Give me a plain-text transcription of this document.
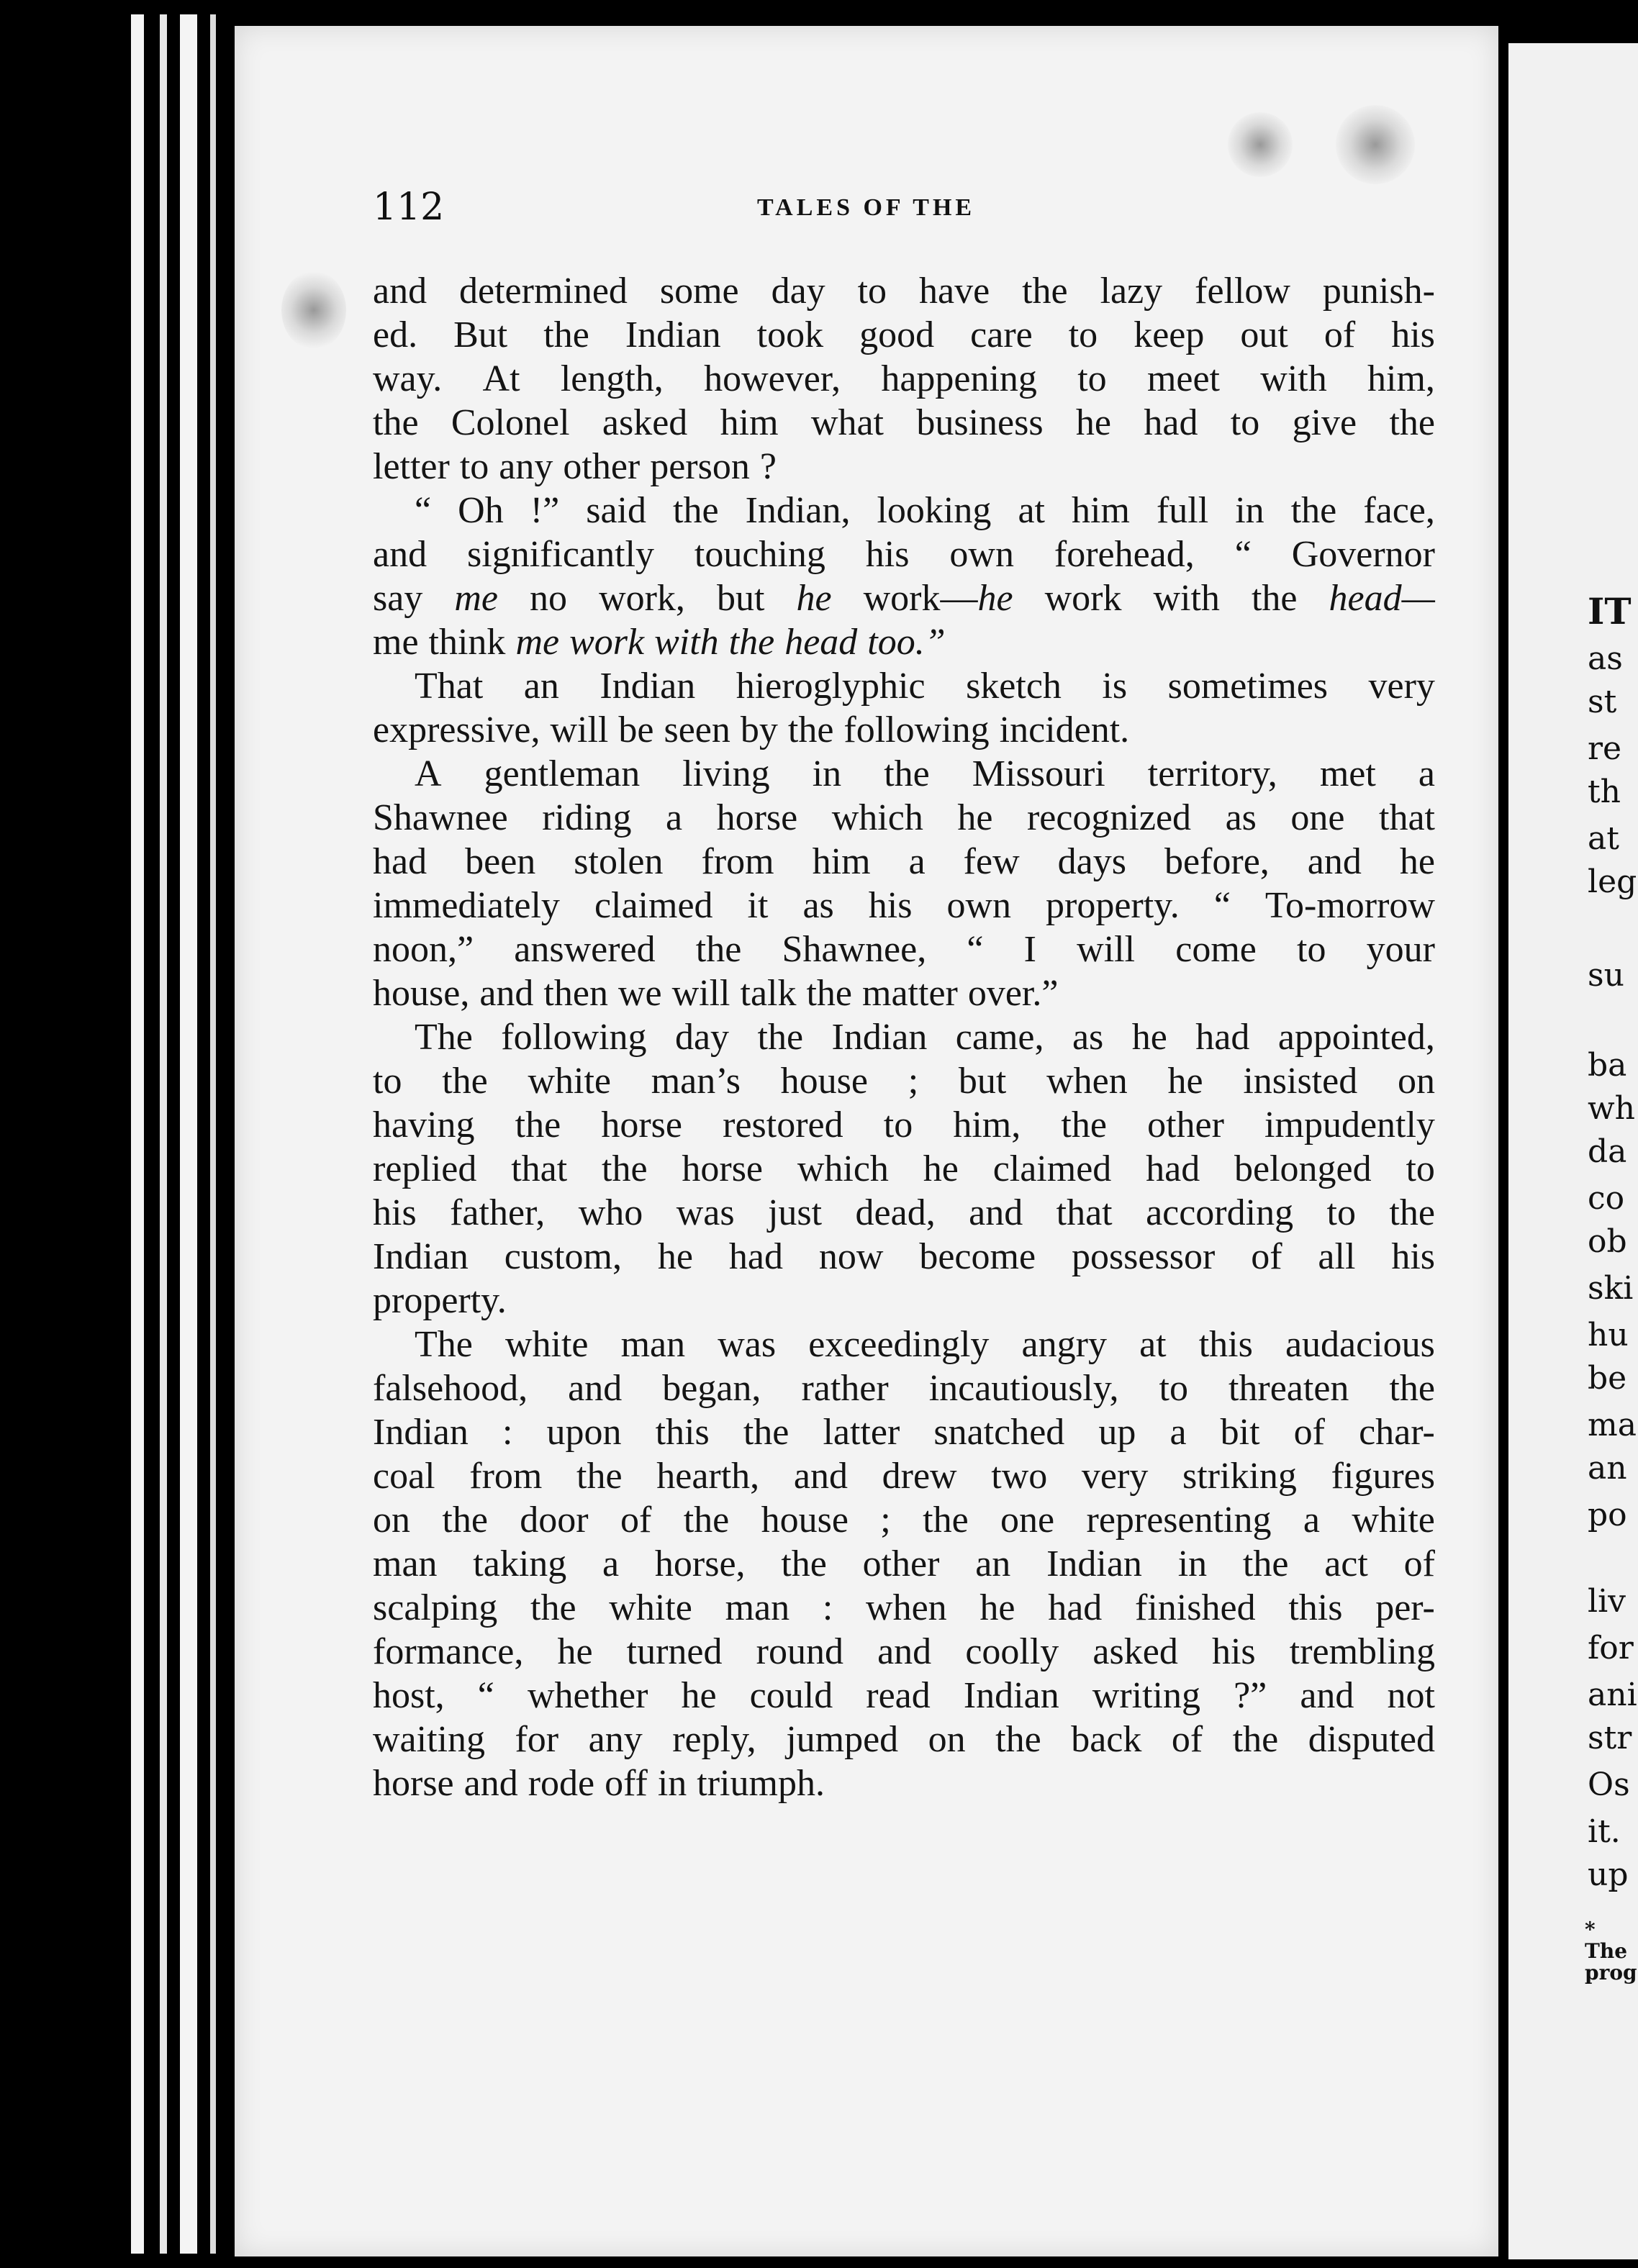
112	TALES OF THE
and determined some day to have the lazy fellow punish-
ed. But the Indian took good care to keep out of his
way. At length, however, happening to meet with him,
the Colonel asked him what business he had to give the
letter to any other person ?
“ Oh !” said the Indian, looking at him full in the face,
and significantly touching his own forehead, “ Governor
say me no work, but he work—he work with the head—
me think me work with the head too.”
That an Indian hieroglyphic sketch is sometimes very
expressive, will be seen by the following incident.
A gentleman living in the Missouri territory, met a
Shawnee riding a horse which he recognized as one that
had been stolen from him a few days before, and he
immediately claimed it as his own property. “ To-morrow
noon,” answered the Shawnee, “ I will come to your
house, and then we will talk the matter over.”
The following day the Indian came, as he had appointed,
to the white man’s house ; but when he insisted on
having the horse restored to him, the other impudently
replied that the horse which he claimed had belonged to
his father, who was just dead, and that according to the
Indian custom, he had now become possessor of all his
property.
The white man was exceedingly angry at this audacious
falsehood, and began, rather incautiously, to threaten the
Indian : upon this the latter snatched up a bit of char-
coal from the hearth, and drew two very striking figures
on the door of the house ; the one representing a white
man taking a horse, the other an Indian in the act of
scalping the white man : when he had finished this per-
formance, he turned round and coolly asked his trembling
host, “ whether he could read Indian writing ?” and not
waiting for any reply, jumped on the back of the disputed
horse and rode off in triumph.
IT
as
st
re
th
at
leg
su
ba
wh
da
co
ob
ski
hu
be
ma
an
po
liv
for
ani
str
Os
it.
up
*
The
prog
